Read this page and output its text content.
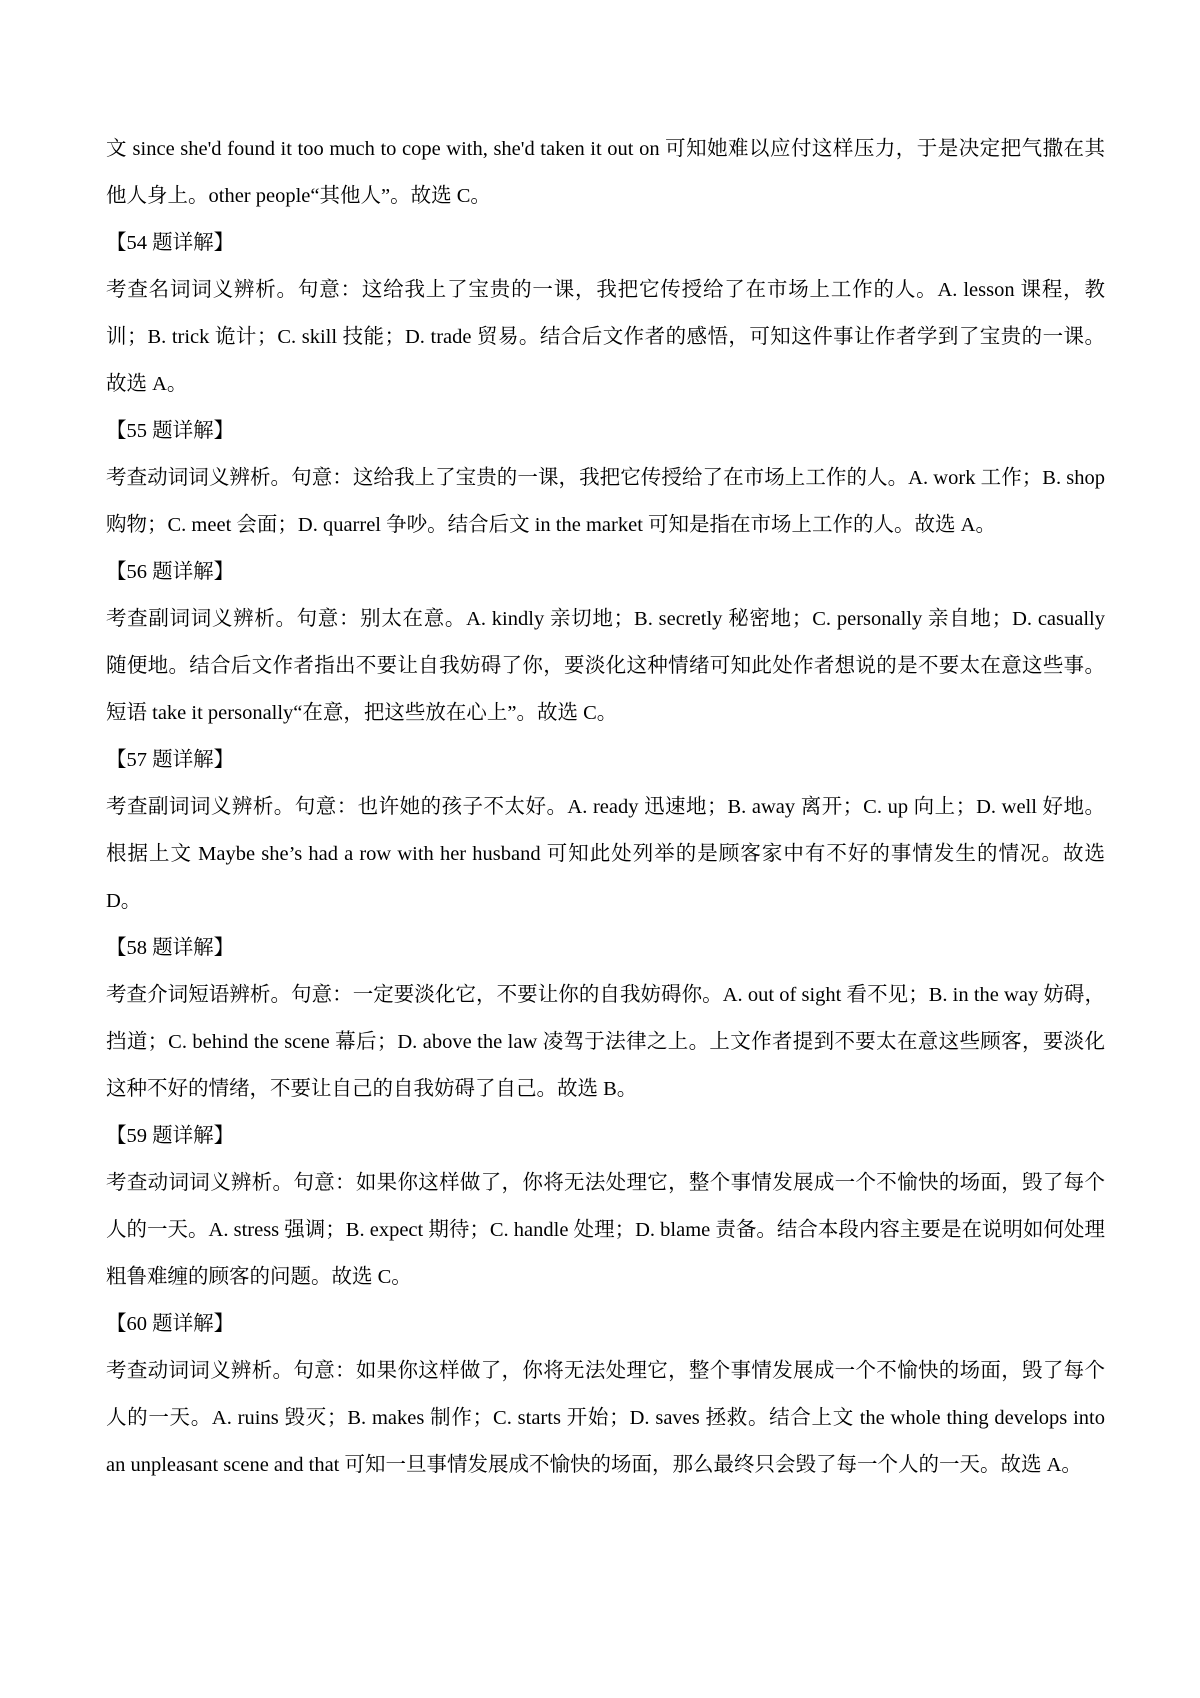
文 since she'd found it too much to cope with, she'd taken it out on 可知她难以应付这样压力，于是决定把气撒在其他人身上。other people“其他人”。故选 C。

【54 题详解】

考查名词词义辨析。句意：这给我上了宝贵的一课，我把它传授给了在市场上工作的人。A. lesson 课程，教训；B. trick 诡计；C. skill 技能；D. trade 贸易。结合后文作者的感悟，可知这件事让作者学到了宝贵的一课。故选 A。

【55 题详解】

考查动词词义辨析。句意：这给我上了宝贵的一课，我把它传授给了在市场上工作的人。A. work 工作；B. shop 购物；C. meet 会面；D. quarrel 争吵。结合后文 in the market 可知是指在市场上工作的人。故选 A。

【56 题详解】

考查副词词义辨析。句意：别太在意。A. kindly 亲切地；B. secretly 秘密地；C. personally 亲自地；D. casually 随便地。结合后文作者指出不要让自我妨碍了你，要淡化这种情绪可知此处作者想说的是不要太在意这些事。短语 take it personally“在意，把这些放在心上”。故选 C。

【57 题详解】

考查副词词义辨析。句意：也许她的孩子不太好。A. ready 迅速地；B. away 离开；C. up 向上；D. well 好地。根据上文 Maybe she’s had a row with her husband 可知此处列举的是顾客家中有不好的事情发生的情况。故选 D。

【58 题详解】

考查介词短语辨析。句意：一定要淡化它，不要让你的自我妨碍你。A. out of sight 看不见；B. in the way 妨碍，挡道；C. behind the scene 幕后；D. above the law 凌驾于法律之上。上文作者提到不要太在意这些顾客，要淡化这种不好的情绪，不要让自己的自我妨碍了自己。故选 B。

【59 题详解】

考查动词词义辨析。句意：如果你这样做了，你将无法处理它，整个事情发展成一个不愉快的场面，毁了每个人的一天。A. stress 强调；B. expect 期待；C. handle 处理；D. blame 责备。结合本段内容主要是在说明如何处理粗鲁难缠的顾客的问题。故选 C。

【60 题详解】

考查动词词义辨析。句意：如果你这样做了，你将无法处理它，整个事情发展成一个不愉快的场面，毁了每个人的一天。A. ruins 毁灭；B. makes 制作；C. starts 开始；D. saves 拯救。结合上文 the whole thing develops into an unpleasant scene and that 可知一旦事情发展成不愉快的场面，那么最终只会毁了每一个人的一天。故选 A。
